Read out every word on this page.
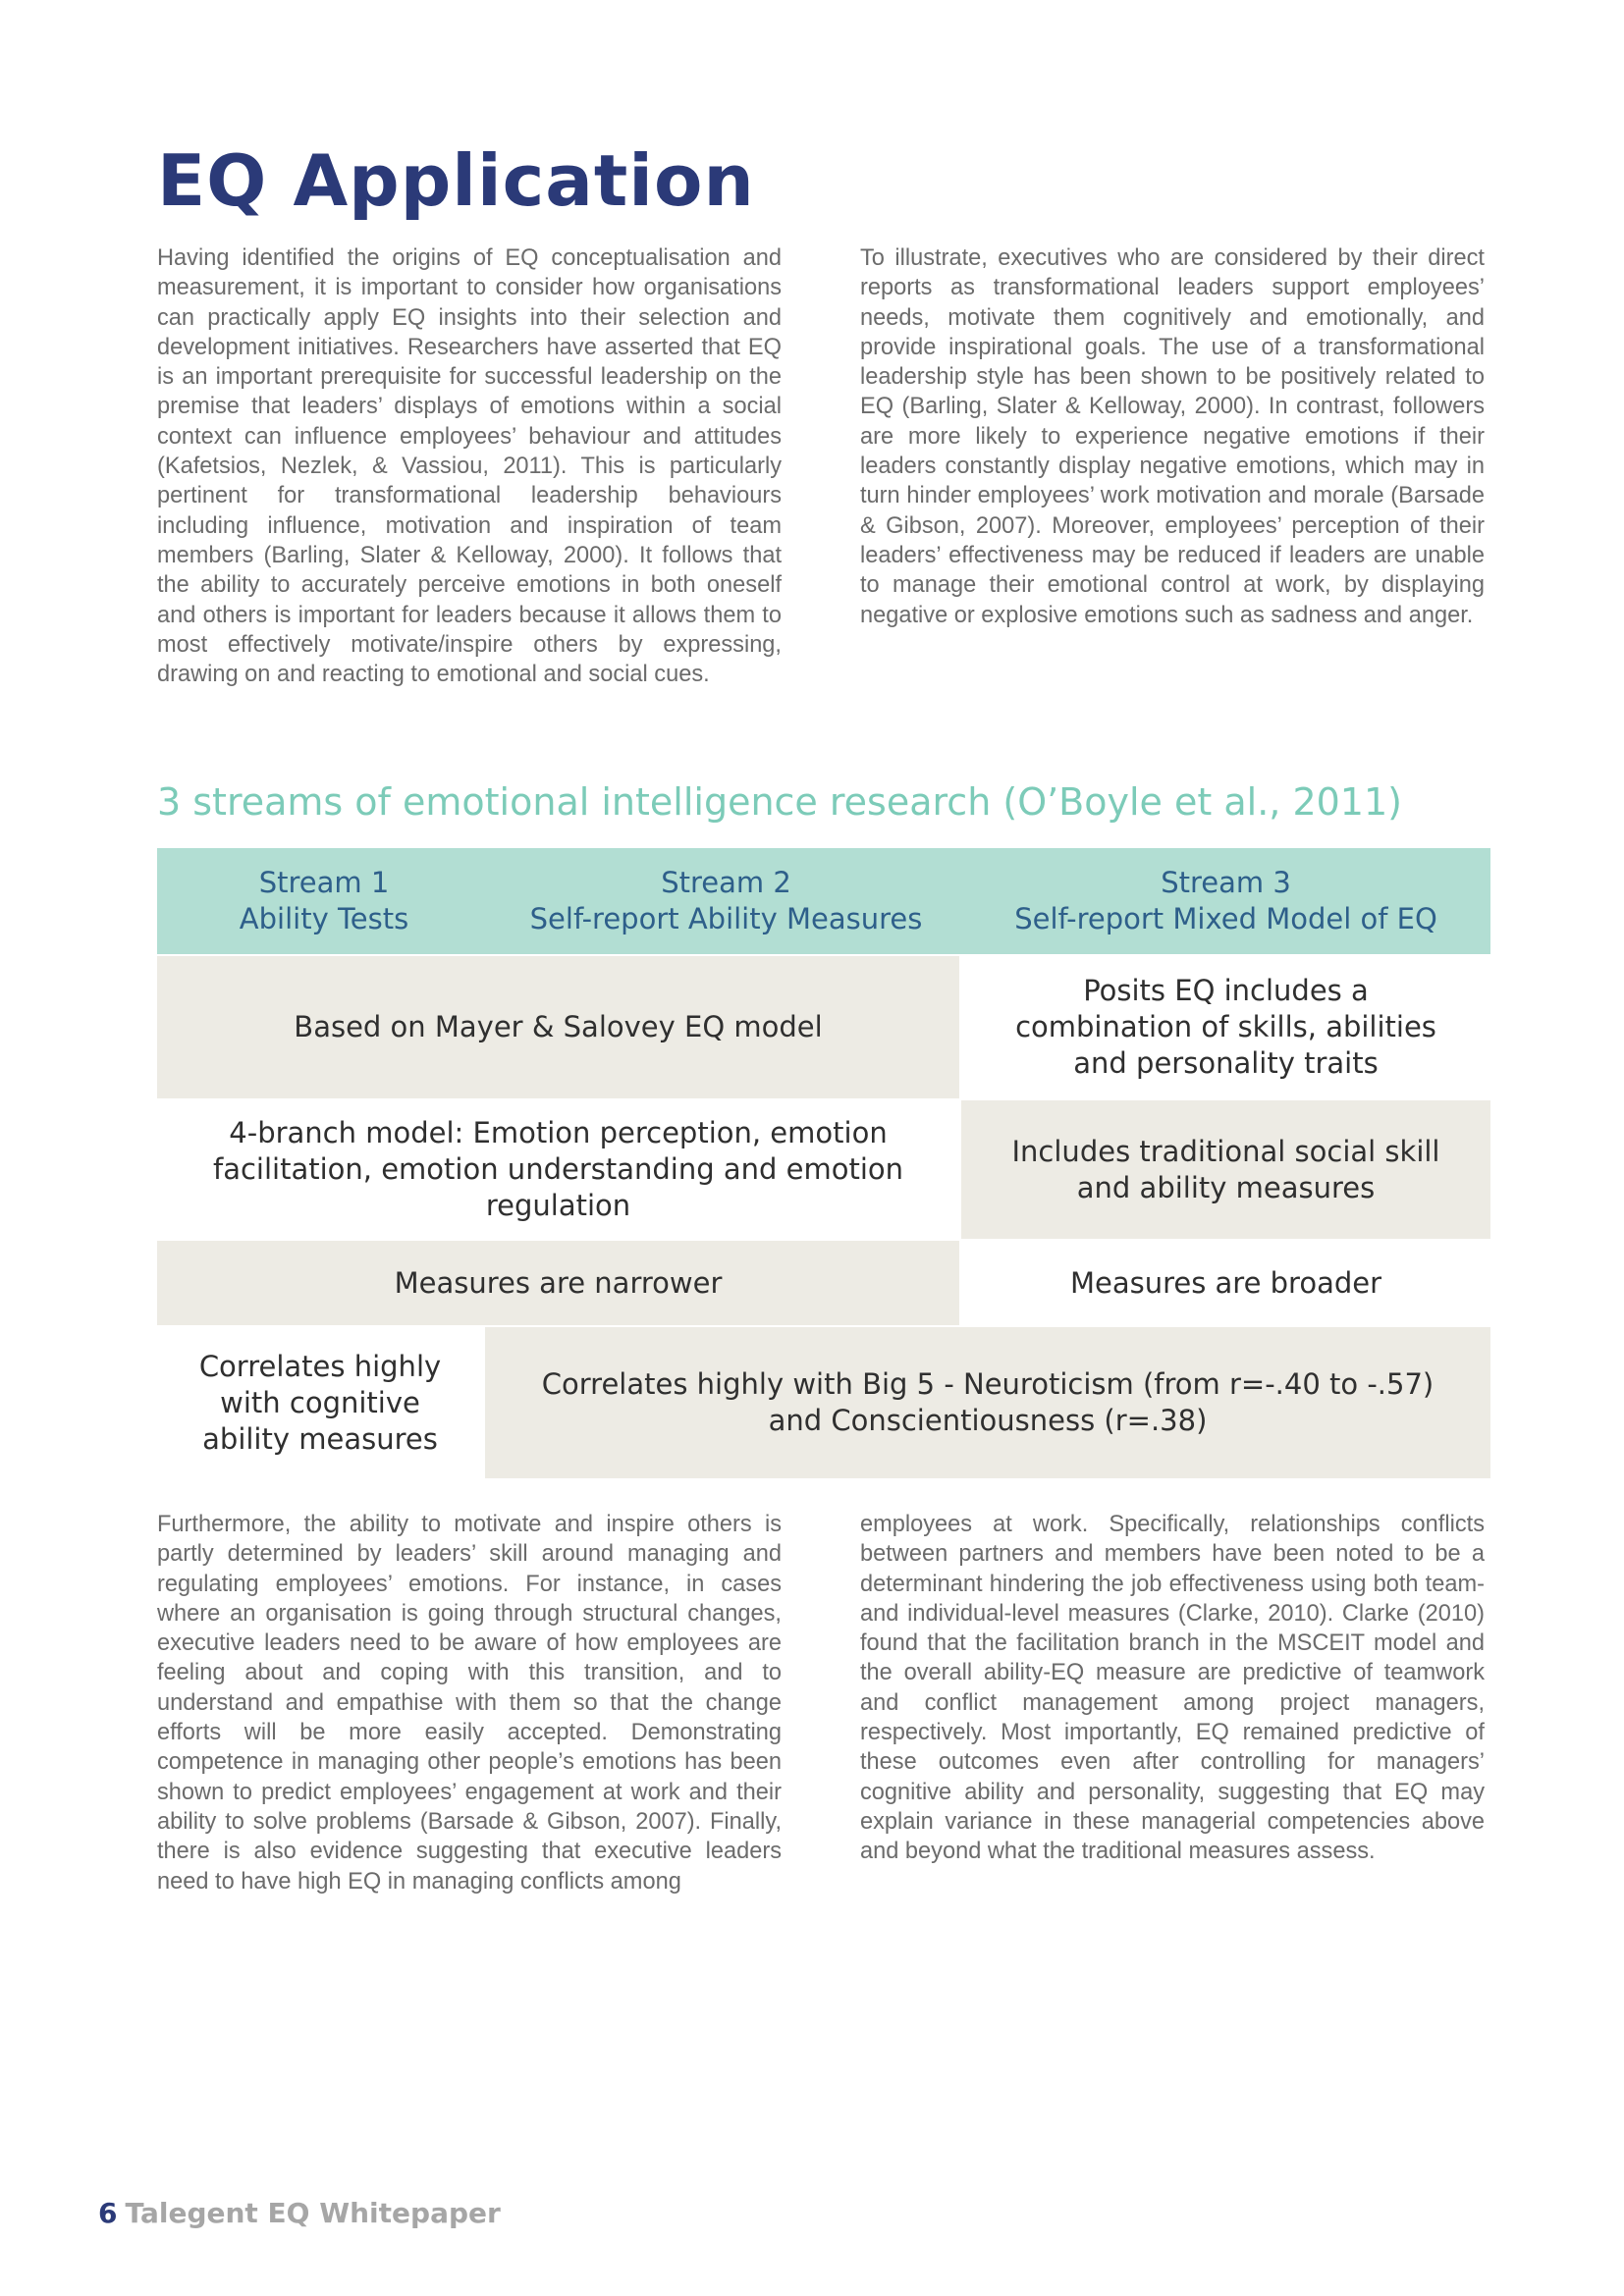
EQ Application

Having identified the origins of EQ conceptualisation and measurement, it is important to consider how organisations can practically apply EQ insights into their selection and development initiatives. Researchers have asserted that EQ is an important prerequisite for successful leadership on the premise that leaders’ displays of emotions within a social context can influence employees’ behaviour and attitudes (Kafetsios, Nezlek, & Vassiou, 2011). This is particularly pertinent for transformational leadership behaviours including influence, motivation and inspiration of team members (Barling, Slater & Kelloway, 2000). It follows that the ability to accurately perceive emotions in both oneself and others is important for leaders because it allows them to most effectively motivate/inspire others by expressing, drawing on and reacting to emotional and social cues.

To illustrate, executives who are considered by their direct reports as transformational leaders support employees’ needs, motivate them cognitively and emotionally, and provide inspirational goals. The use of a transformational leadership style has been shown to be positively related to EQ (Barling, Slater & Kelloway, 2000). In contrast, followers are more likely to experience negative emotions if their leaders constantly display negative emotions, which may in turn hinder employees’ work motivation and morale (Barsade & Gibson, 2007). Moreover, employees’ perception of their leaders’ effectiveness may be reduced if leaders are unable to manage their emotional control at work, by displaying negative or explosive emotions such as sadness and anger.

3 streams of emotional intelligence research (O’Boyle et al., 2011)
Stream 1
Ability Tests
Stream 2
Self-report Ability Measures
Stream 3
Self-report Mixed Model of EQ
Based on Mayer & Salovey EQ model
Posits EQ includes a combination of skills, abilities and personality traits
4-branch model: Emotion perception, emotion facilitation, emotion understanding and emotion regulation
Includes traditional social skill and ability measures
Measures are narrower	Measures are broader
Correlates highly with cognitive ability measures
Correlates highly with Big 5 - Neuroticism (from r=-.40 to -.57) and Conscientiousness (r=.38)

Furthermore, the ability to motivate and inspire others is partly determined by leaders’ skill around managing and regulating employees’ emotions. For instance, in cases where an organisation is going through structural changes, executive leaders need to be aware of how employees are feeling about and coping with this transition, and to understand and empathise with them so that the change efforts will be more easily accepted. Demonstrating competence in managing other people’s emotions has been shown to predict employees’ engagement at work and their ability to solve problems (Barsade & Gibson, 2007). Finally, there is also evidence suggesting that executive leaders need to have high EQ in managing conflicts among

employees at work. Specifically, relationships conflicts between partners and members have been noted to be a determinant hindering the job effectiveness using both team- and individual-level measures (Clarke, 2010). Clarke (2010) found that the facilitation branch in the MSCEIT model and the overall ability-EQ measure are predictive of teamwork and conflict management among project managers, respectively. Most importantly, EQ remained predictive of these outcomes even after controlling for managers’ cognitive ability and personality, suggesting that EQ may explain variance in these managerial competencies above and beyond what the traditional measures assess.

6 Talegent EQ Whitepaper
